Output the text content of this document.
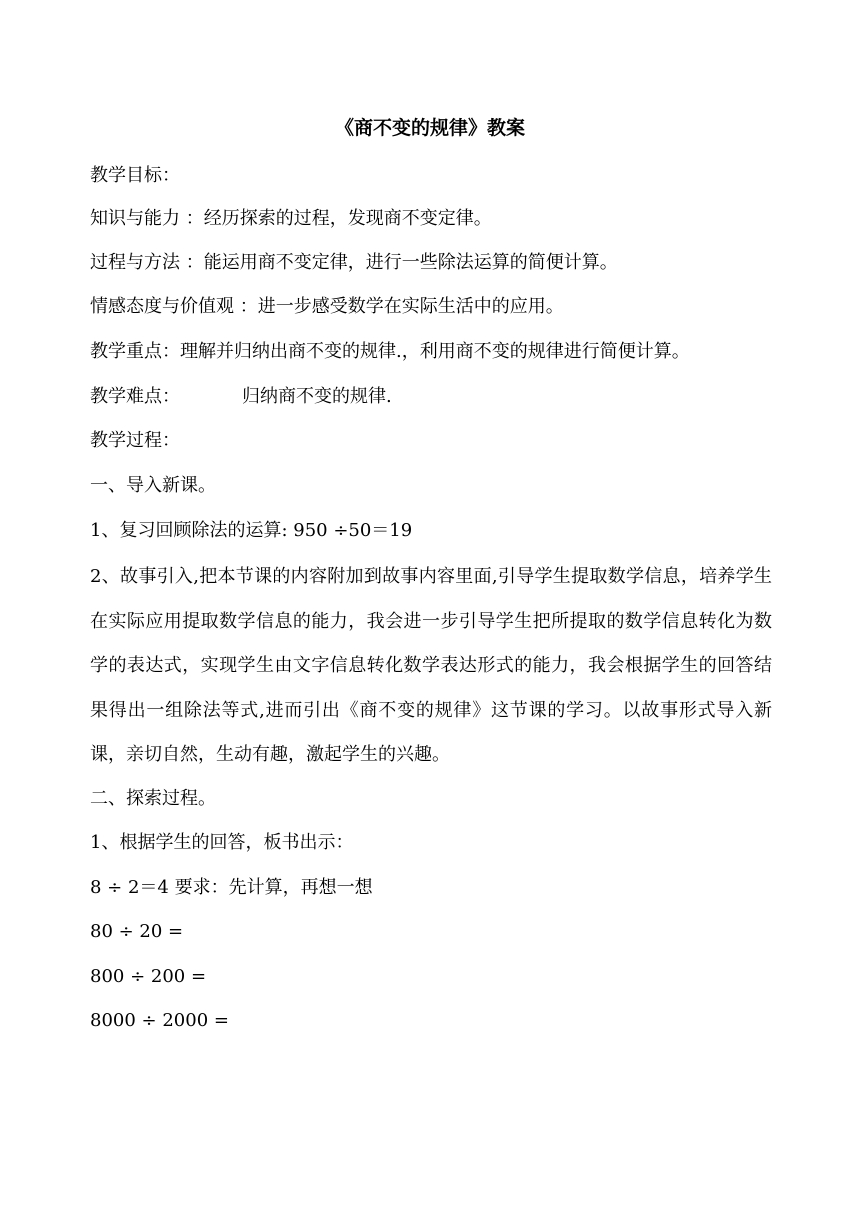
《商不变的规律》教案
教学目标：
知识与能力 ：经历探索的过程，发现商不变定律。
过程与方法 ：能运用商不变定律，进行一些除法运算的简便计算。
情感态度与价值观 ：进一步感受数学在实际生活中的应用。
教学重点：理解并归纳出商不变的规律.，利用商不变的规律进行简便计算。
教学难点：	归纳商不变的规律.
教学过程：
一、导入新课。
1、复习回顾除法的运算: 950 ÷50＝19
2、故事引入,把本节课的内容附加到故事内容里面,引导学生提取数学信息，培养学生在实际应用提取数学信息的能力，我会进一步引导学生把所提取的数学信息转化为数学的表达式，实现学生由文字信息转化数学表达形式的能力，我会根据学生的回答结果得出一组除法等式,进而引出《商不变的规律》这节课的学习。以故事形式导入新课，亲切自然，生动有趣，激起学生的兴趣。
二、探索过程。
1、根据学生的回答，板书出示：
8 ÷ 2＝4 要求：先计算，再想一想
80 ÷ 20 =
800 ÷ 200 =
8000 ÷ 2000 =
